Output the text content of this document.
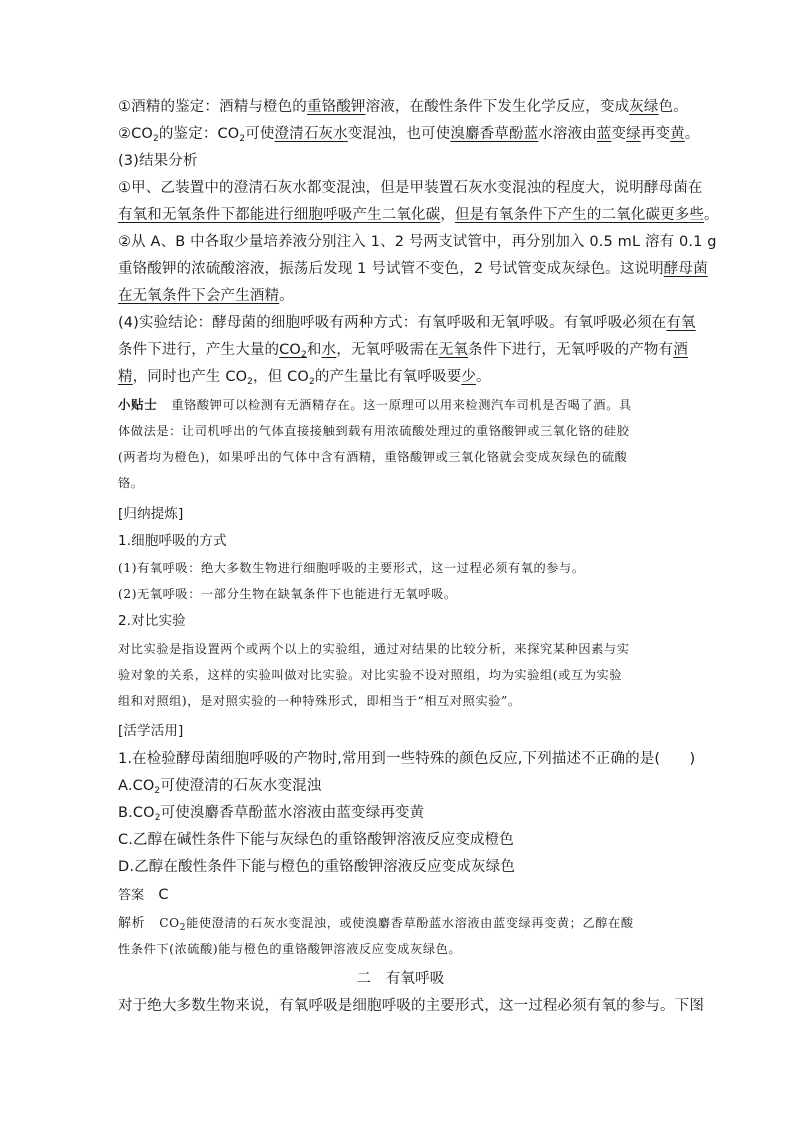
①酒精的鉴定：酒精与橙色的重铬酸钾溶液，在酸性条件下发生化学反应，变成灰绿色。
$②CO_2$的鉴定：$CO_2$可使澄清石灰水变混浊，也可使溴麝香草酚蓝水溶液由蓝变绿再变黄。
(3)结果分析
①甲、乙装置中的澄清石灰水都变混浊，但是甲装置石灰水变混浊的程度大，说明酵母菌在
有氧和无氧条件下都能进行细胞呼吸产生二氧化碳，但是有氧条件下产生的二氧化碳更多些。
②从 A、B 中各取少量培养液分别注入 1、2 号两支试管中，再分别加入 0.5 mL 溶有 0.1 g
重铬酸钾的浓硫酸溶液，振荡后发现 1 号试管不变色，2 号试管变成灰绿色。这说明酵母菌
在无氧条件下会产生酒精。
(4)实验结论：酵母菌的细胞呼吸有两种方式：有氧呼吸和无氧呼吸。有氧呼吸必须在有氧
条件下进行，产生大量的$CO_2$和水，无氧呼吸需在无氧条件下进行，无氧呼吸的产物有酒
精，同时也产生 $CO_2$，但 $CO_2$的产生量比有氧呼吸要少。
小贴士 重铬酸钾可以检测有无酒精存在。这一原理可以用来检测汽车司机是否喝了酒。具
体做法是：让司机呼出的气体直接接触到载有用浓硫酸处理过的重铬酸钾或三氧化铬的硅胶
(两者均为橙色)，如果呼出的气体中含有酒精，重铬酸钾或三氧化铬就会变成灰绿色的硫酸
铬。
[归纳提炼]
1.细胞呼吸的方式
(1)有氧呼吸：绝大多数生物进行细胞呼吸的主要形式，这一过程必须有氧的参与。
(2)无氧呼吸：一部分生物在缺氧条件下也能进行无氧呼吸。
2.对比实验
对比实验是指设置两个或两个以上的实验组，通过对结果的比较分析，来探究某种因素与实
验对象的关系，这样的实验叫做对比实验。对比实验不设对照组，均为实验组(或互为实验
组和对照组)，是对照实验的一种特殊形式，即相当于“相互对照实验”。
[活学活用]
1.在检验酵母菌细胞呼吸的产物时,常用到一些特殊的颜色反应,下列描述不正确的是(　　)
$A.CO_2$可使澄清的石灰水变混浊
$B.CO_2$可使溴麝香草酚蓝水溶液由蓝变绿再变黄
C.乙醇在碱性条件下能与灰绿色的重铬酸钾溶液反应变成橙色
D.乙醇在酸性条件下能与橙色的重铬酸钾溶液反应变成灰绿色
答案 C
解析 $CO_2$能使澄清的石灰水变混浊，或使溴麝香草酚蓝水溶液由蓝变绿再变黄；乙醇在酸
性条件下(浓硫酸)能与橙色的重铬酸钾溶液反应变成灰绿色。
二　有氧呼吸
对于绝大多数生物来说，有氧呼吸是细胞呼吸的主要形式，这一过程必须有氧的参与。下图
